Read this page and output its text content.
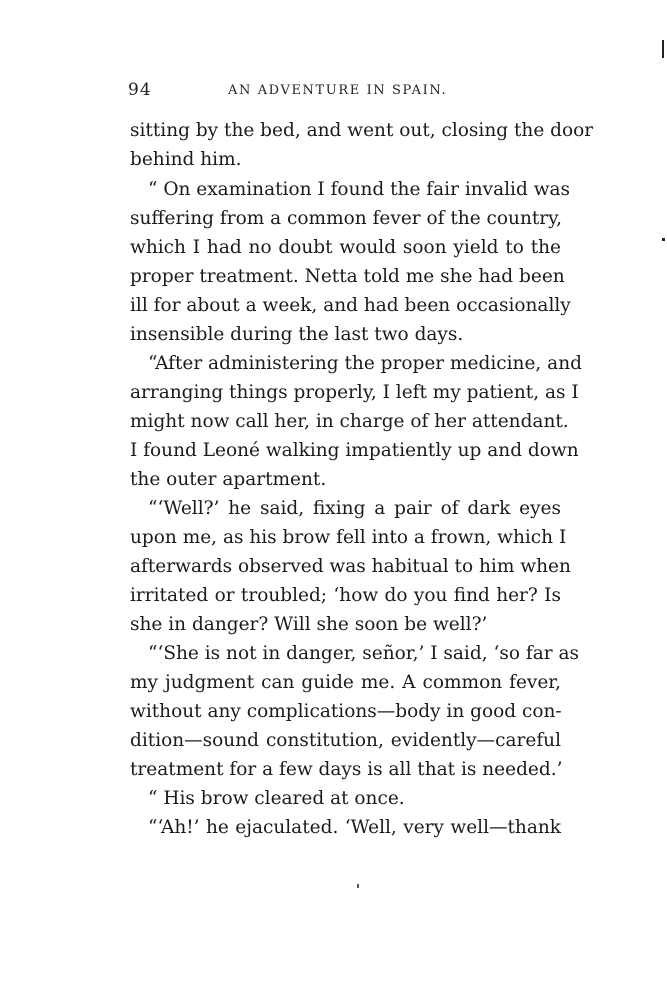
94	AN ADVENTURE IN SPAIN.
sitting by the bed, and went out, closing the door
behind him.
“ On examination I found the fair invalid was
suffering from a common fever of the country,
which I had no doubt would soon yield to the
proper treatment. Netta told me she had been
ill for about a week, and had been occasionally
insensible during the last two days.
“After administering the proper medicine, and
arranging things properly, I left my patient, as I
might now call her, in charge of her attendant.
I found Leoné walking impatiently up and down
the outer apartment.
“‘Well?’ he said, fixing a pair of dark eyes
upon me, as his brow fell into a frown, which I
afterwards observed was habitual to him when
irritated or troubled; ‘how do you find her? Is
she in danger? Will she soon be well?’
“‘She is not in danger, señor,’ I said, ‘so far as
my judgment can guide me. A common fever,
without any complications—body in good con-
dition—sound constitution, evidently—careful
treatment for a few days is all that is needed.’
“ His brow cleared at once.
“‘Ah!’ he ejaculated. ‘Well, very well—thank
